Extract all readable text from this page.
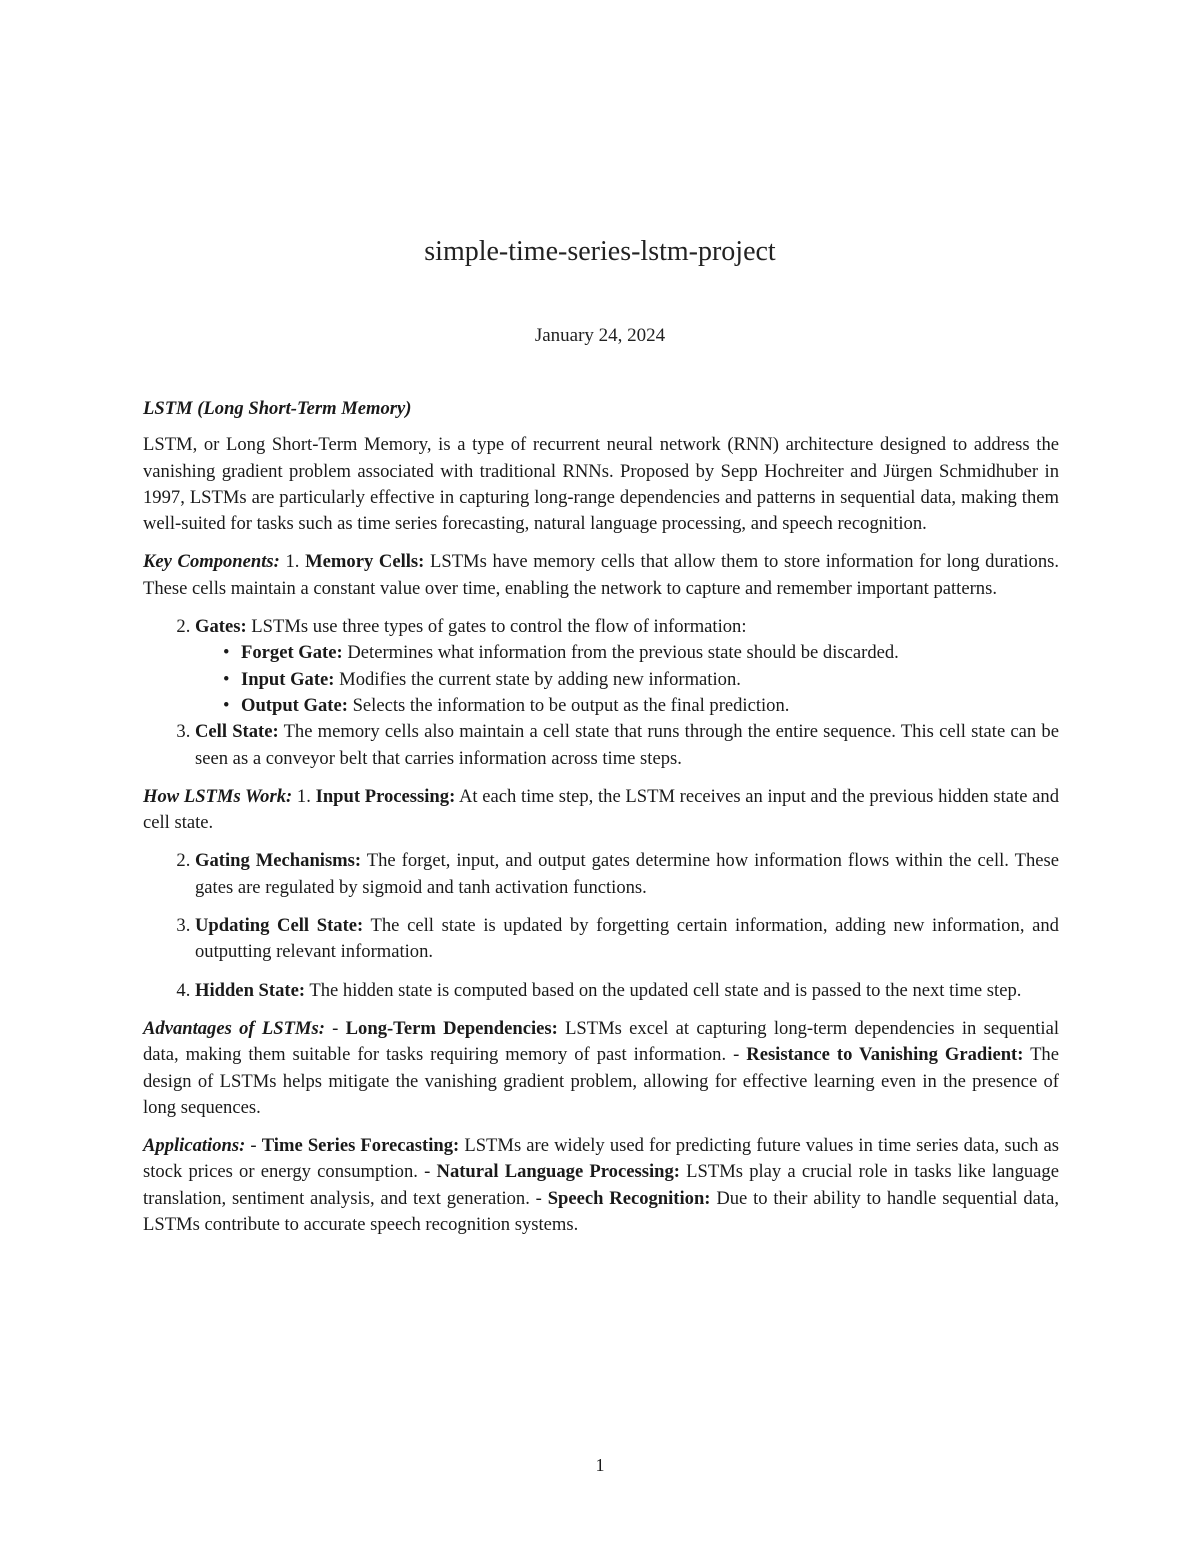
simple-time-series-lstm-project
January 24, 2024
LSTM (Long Short-Term Memory)

LSTM, or Long Short-Term Memory, is a type of recurrent neural network (RNN) architecture designed to address the vanishing gradient problem associated with traditional RNNs. Proposed by Sepp Hochreiter and Jürgen Schmidhuber in 1997, LSTMs are particularly effective in capturing long-range dependencies and patterns in sequential data, making them well-suited for tasks such as time series forecasting, natural language processing, and speech recognition.

Key Components: 1. Memory Cells: LSTMs have memory cells that allow them to store information for long durations. These cells maintain a constant value over time, enabling the network to capture and remember important patterns.

2. Gates: LSTMs use three types of gates to control the flow of information:
• Forget Gate: Determines what information from the previous state should be discarded.
• Input Gate: Modifies the current state by adding new information.
• Output Gate: Selects the information to be output as the final prediction.
3. Cell State: The memory cells also maintain a cell state that runs through the entire sequence. This cell state can be seen as a conveyor belt that carries information across time steps.

How LSTMs Work: 1. Input Processing: At each time step, the LSTM receives an input and the previous hidden state and cell state.

2. Gating Mechanisms: The forget, input, and output gates determine how information flows within the cell. These gates are regulated by sigmoid and tanh activation functions.
3. Updating Cell State: The cell state is updated by forgetting certain information, adding new information, and outputting relevant information.
4. Hidden State: The hidden state is computed based on the updated cell state and is passed to the next time step.

Advantages of LSTMs: - Long-Term Dependencies: LSTMs excel at capturing long-term dependencies in sequential data, making them suitable for tasks requiring memory of past information. - Resistance to Vanishing Gradient: The design of LSTMs helps mitigate the vanishing gradient problem, allowing for effective learning even in the presence of long sequences.

Applications: - Time Series Forecasting: LSTMs are widely used for predicting future values in time series data, such as stock prices or energy consumption. - Natural Language Processing: LSTMs play a crucial role in tasks like language translation, sentiment analysis, and text generation. - Speech Recognition: Due to their ability to handle sequential data, LSTMs contribute to accurate speech recognition systems.

1
